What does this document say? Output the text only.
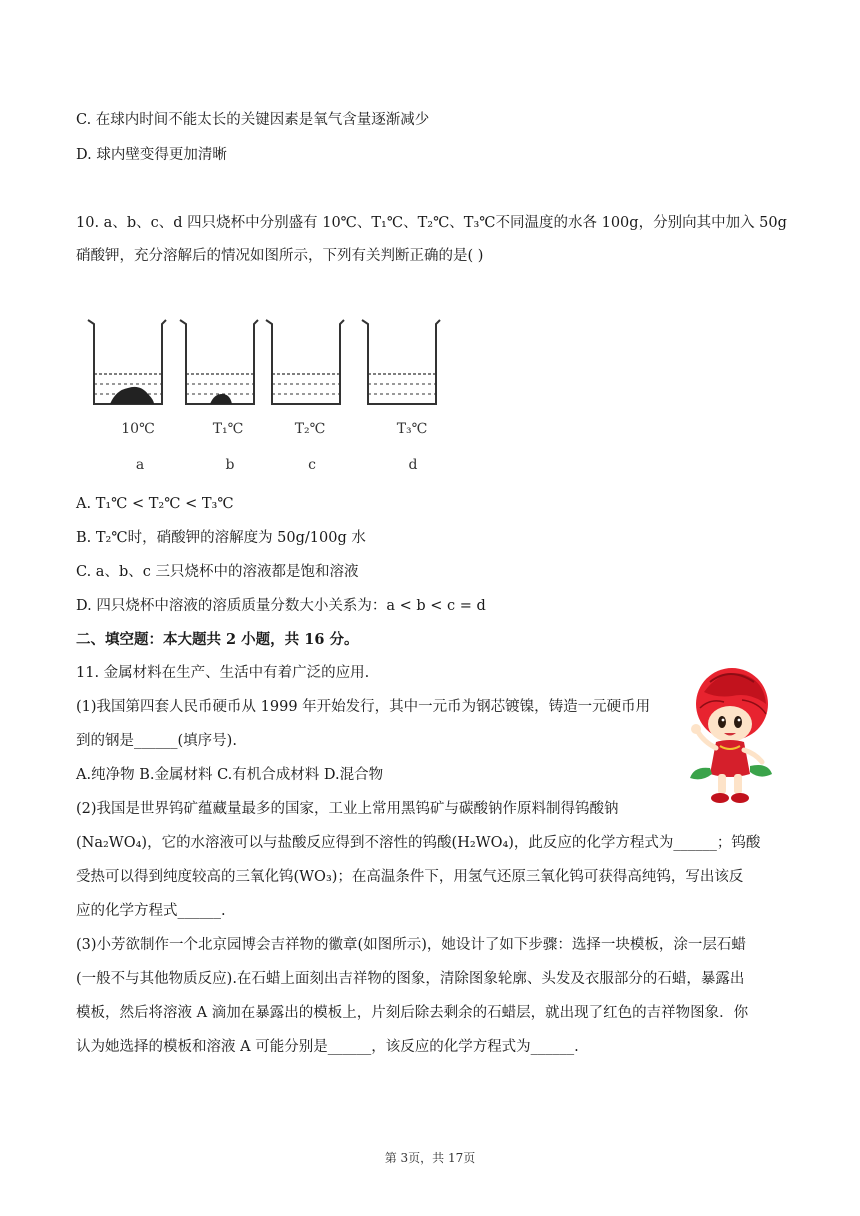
C. 在球内时间不能太长的关键因素是氧气含量逐渐减少
D. 球内壁变得更加清晰
10. a、b、c、d 四只烧杯中分别盛有 10℃、T₁℃、T₂℃、T₃℃不同温度的水各 100g，分别向其中加入 50g
硝酸钾，充分溶解后的情况如图所示，下列有关判断正确的是( )
10℃	T₁℃	T₂℃	T₃℃
a	b	c	d
A. T₁℃ < T₂℃ < T₃℃
B. T₂℃时，硝酸钾的溶解度为 50g/100g 水
C. a、b、c 三只烧杯中的溶液都是饱和溶液
D. 四只烧杯中溶液的溶质质量分数大小关系为：a < b < c = d
二、填空题：本大题共 2 小题，共 16 分。
11. 金属材料在生产、生活中有着广泛的应用.
(1)我国第四套人民币硬币从 1999 年开始发行，其中一元币为钢芯镀镍，铸造一元硬币用
到的钢是______(填序号).
A.纯净物 B.金属材料 C.有机合成材料 D.混合物
(2)我国是世界钨矿蕴藏量最多的国家，工业上常用黑钨矿与碳酸钠作原料制得钨酸钠
(Na₂WO₄)，它的水溶液可以与盐酸反应得到不溶性的钨酸(H₂WO₄)，此反应的化学方程式为______；钨酸
受热可以得到纯度较高的三氧化钨(WO₃)；在高温条件下，用氢气还原三氧化钨可获得高纯钨，写出该反
应的化学方程式______.
(3)小芳欲制作一个北京园博会吉祥物的徽章(如图所示)，她设计了如下步骤：选择一块模板，涂一层石蜡
(一般不与其他物质反应).在石蜡上面刻出吉祥物的图象，清除图象轮廓、头发及衣服部分的石蜡，暴露出
模板，然后将溶液 A 滴加在暴露出的模板上，片刻后除去剩余的石蜡层，就出现了红色的吉祥物图象．你
认为她选择的模板和溶液 A 可能分别是______，该反应的化学方程式为______.
第 3页，共 17页
